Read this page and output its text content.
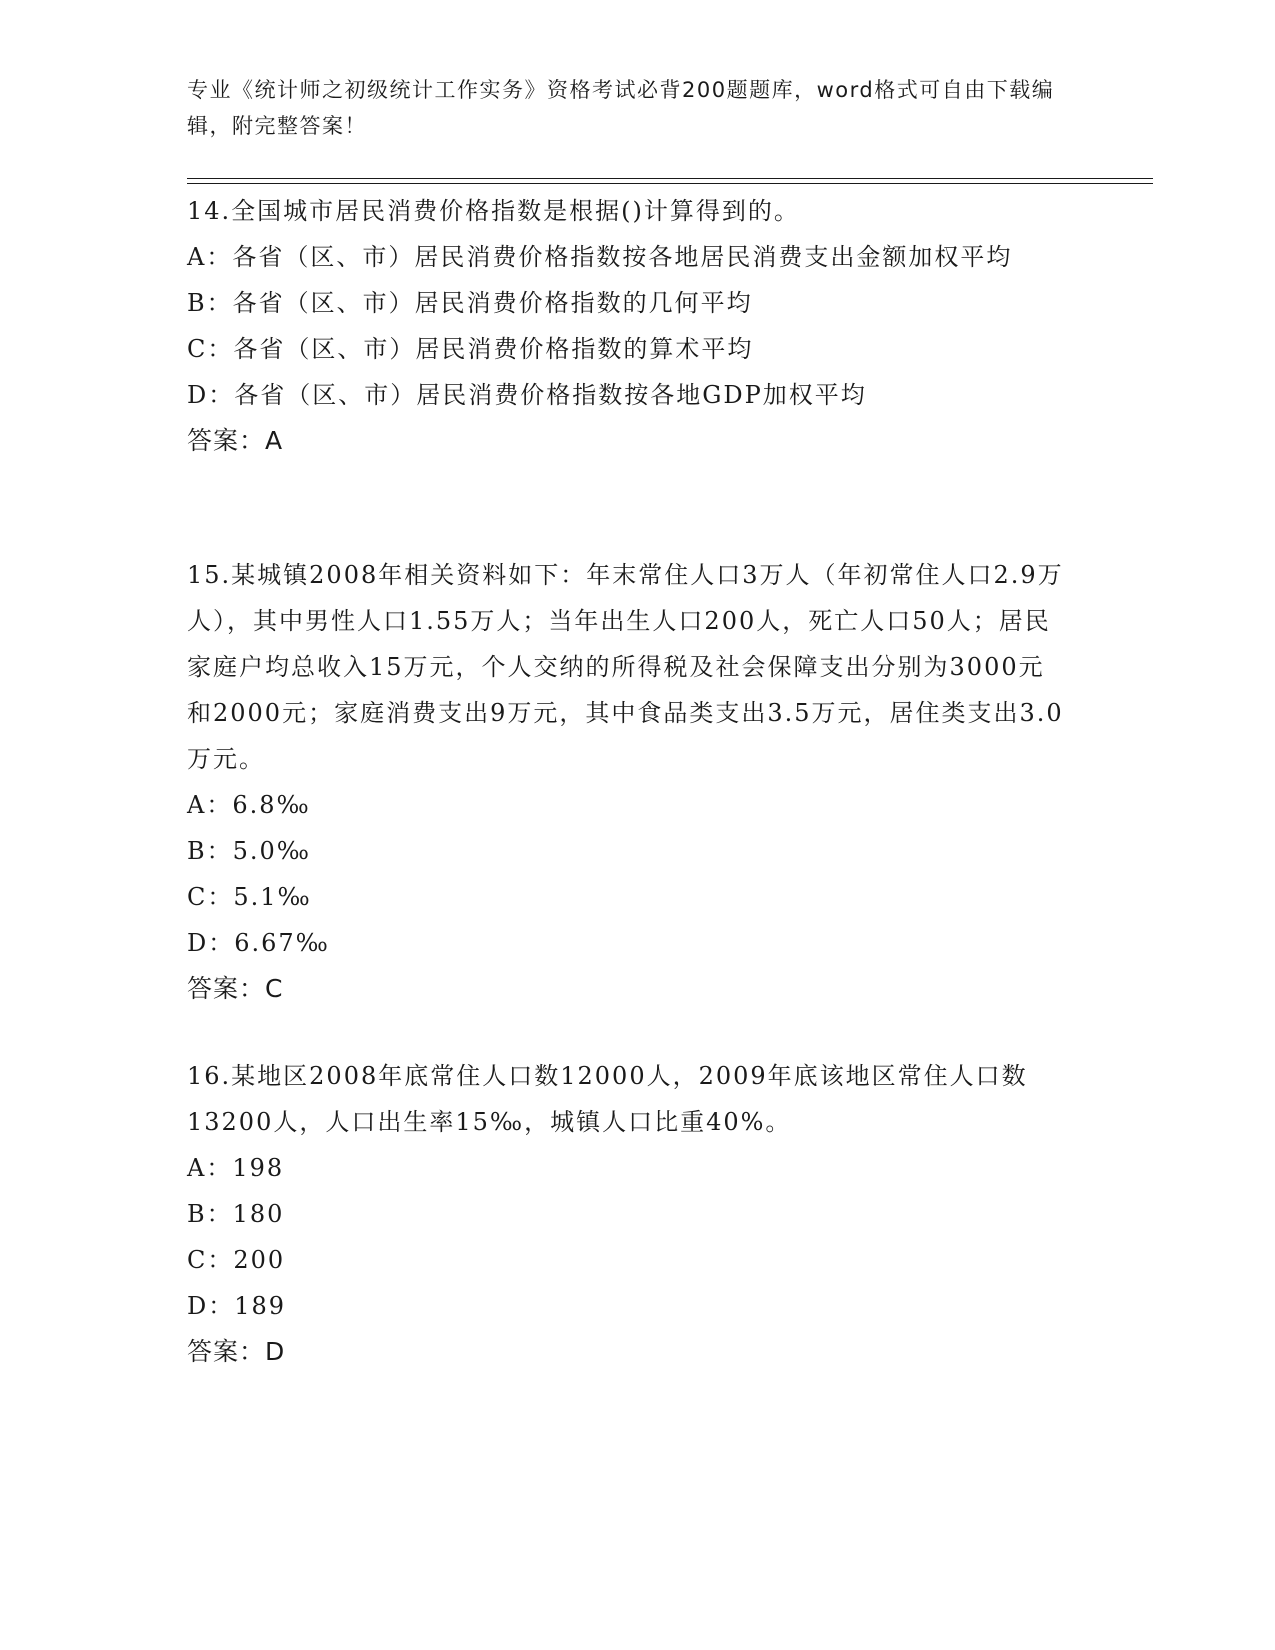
专业《统计师之初级统计工作实务》资格考试必背200题题库，word格式可自由下载编辑，附完整答案！

14.全国城市居民消费价格指数是根据()计算得到的。

A：各省（区、市）居民消费价格指数按各地居民消费支出金额加权平均

B：各省（区、市）居民消费价格指数的几何平均

C：各省（区、市）居民消费价格指数的算术平均

D：各省（区、市）居民消费价格指数按各地GDP加权平均

答案：A

15.某城镇2008年相关资料如下：年末常住人口3万人（年初常住人口2.9万人），其中男性人口1.55万人；当年出生人口200人，死亡人口50人；居民家庭户均总收入15万元，个人交纳的所得税及社会保障支出分别为3000元和2000元；家庭消费支出9万元，其中食品类支出3.5万元，居住类支出3.0万元。

A：6.8‰

B：5.0‰

C：5.1‰

D：6.67‰

答案：C

16.某地区2008年底常住人口数12000人，2009年底该地区常住人口数13200人，人口出生率15‰，城镇人口比重40%。

A：198

B：180

C：200

D：189

答案：D
